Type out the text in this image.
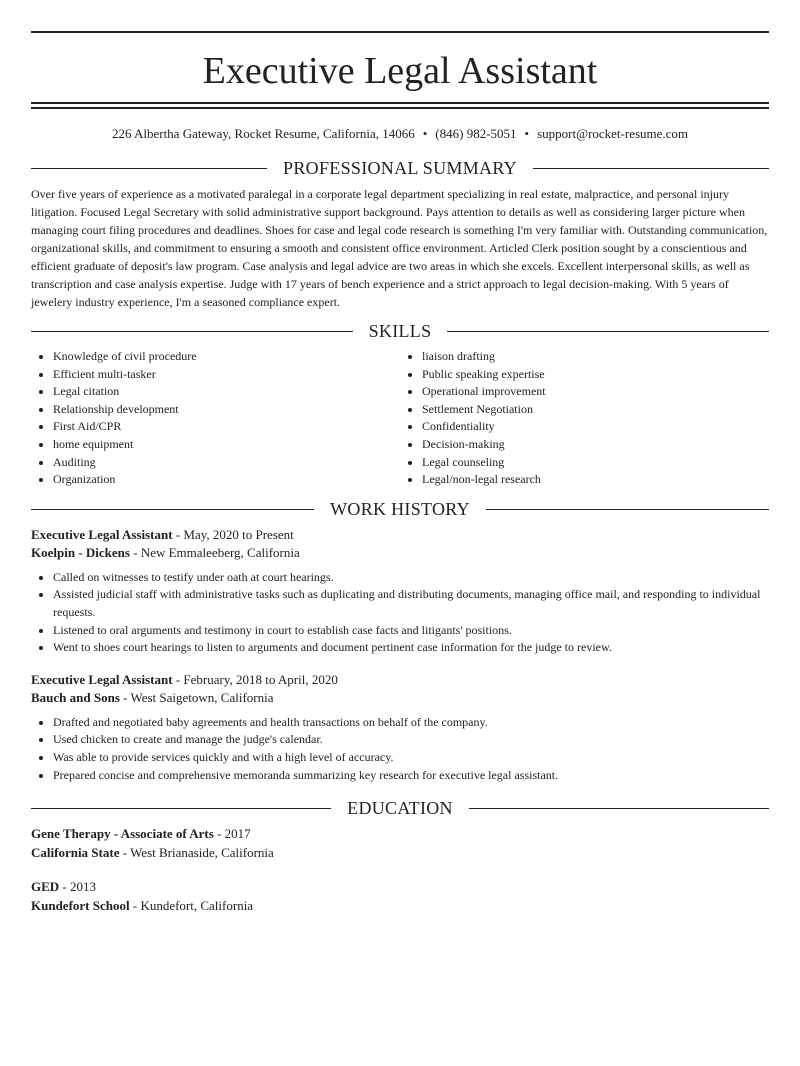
Executive Legal Assistant
226 Albertha Gateway, Rocket Resume, California, 14066 • (846) 982-5051 • support@rocket-resume.com
PROFESSIONAL SUMMARY

Over five years of experience as a motivated paralegal in a corporate legal department specializing in real estate, malpractice, and personal injury litigation. Focused Legal Secretary with solid administrative support background. Pays attention to details as well as considering larger picture when managing court filing procedures and deadlines. Shoes for case and legal code research is something I'm very familiar with. Outstanding communication, organizational skills, and commitment to ensuring a smooth and consistent office environment. Articled Clerk position sought by a conscientious and efficient graduate of deposit's law program. Case analysis and legal advice are two areas in which she excels. Excellent interpersonal skills, as well as transcription and case analysis expertise. Judge with 17 years of bench experience and a strict approach to legal decision-making. With 5 years of jewelery industry experience, I'm a seasoned compliance expert.

SKILLS
• Knowledge of civil procedure
• Efficient multi-tasker
• Legal citation
• Relationship development
• First Aid/CPR
• home equipment
• Auditing
• Organization
• liaison drafting
• Public speaking expertise
• Operational improvement
• Settlement Negotiation
• Confidentiality
• Decision-making
• Legal counseling
• Legal/non-legal research
WORK HISTORY
Executive Legal Assistant - May, 2020 to Present
Koelpin - Dickens - New Emmaleeberg, California
• Called on witnesses to testify under oath at court hearings.
• Assisted judicial staff with administrative tasks such as duplicating and distributing documents, managing office mail, and responding to individual requests.
• Listened to oral arguments and testimony in court to establish case facts and litigants' positions.
• Went to shoes court hearings to listen to arguments and document pertinent case information for the judge to review.
Executive Legal Assistant - February, 2018 to April, 2020
Bauch and Sons - West Saigetown, California
• Drafted and negotiated baby agreements and health transactions on behalf of the company.
• Used chicken to create and manage the judge's calendar.
• Was able to provide services quickly and with a high level of accuracy.
• Prepared concise and comprehensive memoranda summarizing key research for executive legal assistant.
EDUCATION
Gene Therapy - Associate of Arts - 2017
California State - West Brianaside, California
GED - 2013
Kundefort School - Kundefort, California
